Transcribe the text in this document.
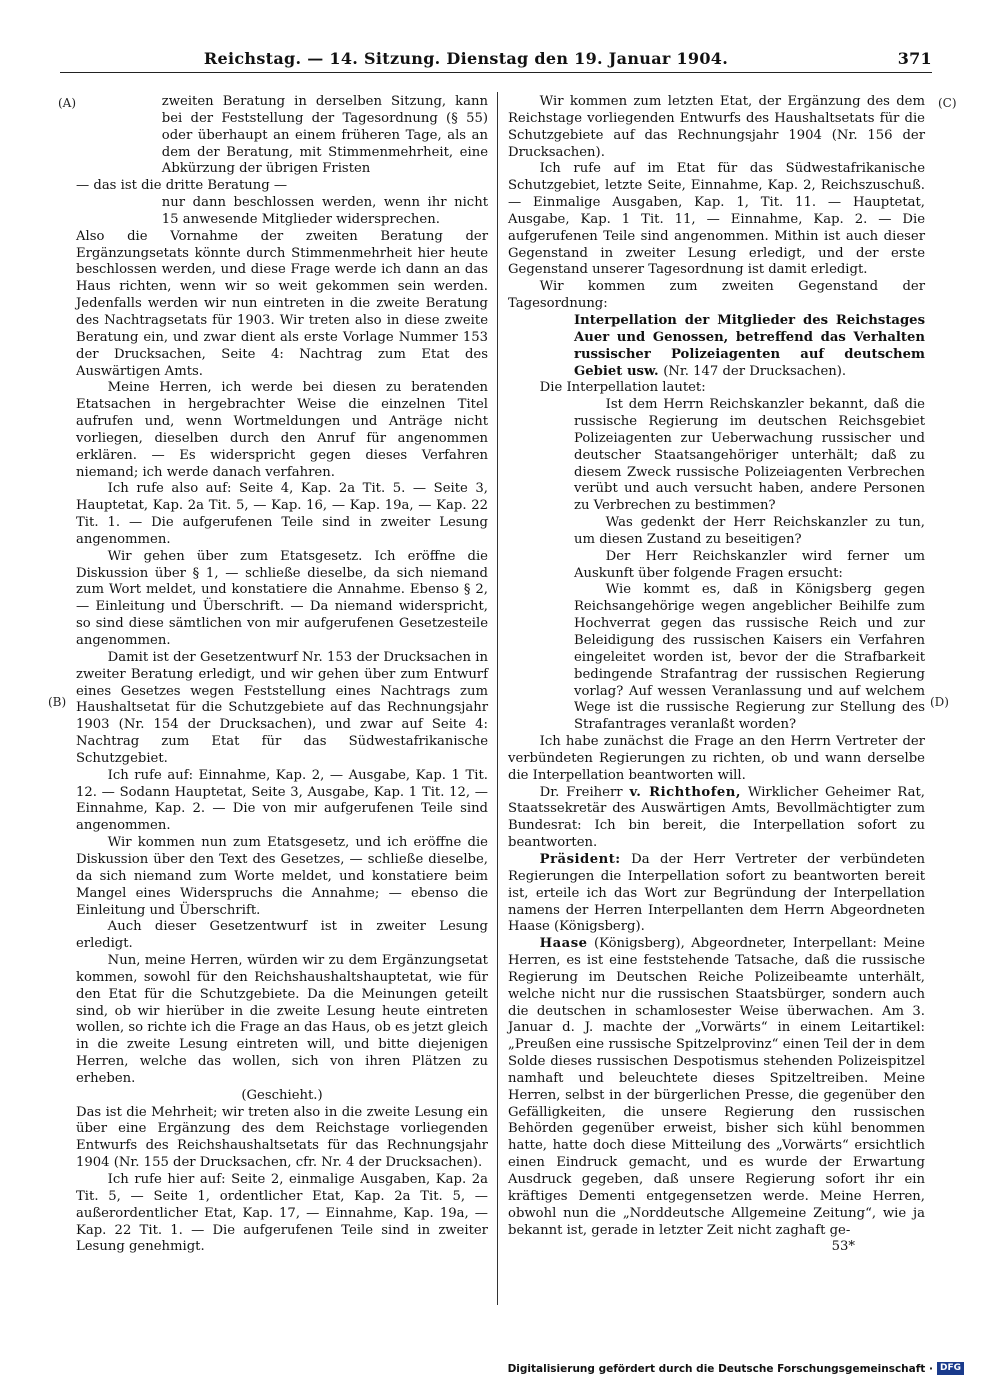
Reichstag. — 14. Sitzung. Dienstag den 19. Januar 1904.	371
(A)
(B)
(C)
(D)

zweiten Beratung in derselben Sitzung, kann bei der Feststellung der Tagesordnung (§ 55) oder überhaupt an einem früheren Tage, als an dem der Beratung, mit Stimmenmehrheit, eine Abkürzung der übrigen Fristen

— das ist die dritte Beratung —

nur dann beschlossen werden, wenn ihr nicht 15 anwesende Mitglieder widersprechen.

Also die Vornahme der zweiten Beratung der Ergänzungsetats könnte durch Stimmenmehrheit hier heute beschlossen werden, und diese Frage werde ich dann an das Haus richten, wenn wir so weit gekommen sein werden. Jedenfalls werden wir nun eintreten in die zweite Beratung des Nachtragsetats für 1903. Wir treten also in diese zweite Beratung ein, und zwar dient als erste Vorlage Nummer 153 der Drucksachen, Seite 4: Nachtrag zum Etat des Auswärtigen Amts.

Meine Herren, ich werde bei diesen zu beratenden Etatsachen in hergebrachter Weise die einzelnen Titel aufrufen und, wenn Wortmeldungen und Anträge nicht vorliegen, dieselben durch den Anruf für angenommen erklären. — Es widerspricht gegen dieses Verfahren niemand; ich werde danach verfahren.

Ich rufe also auf: Seite 4, Kap. 2a Tit. 5. — Seite 3, Hauptetat, Kap. 2a Tit. 5, — Kap. 16, — Kap. 19a, — Kap. 22 Tit. 1. — Die aufgerufenen Teile sind in zweiter Lesung angenommen.

Wir gehen über zum Etatsgesetz. Ich eröffne die Diskussion über § 1, — schließe dieselbe, da sich niemand zum Wort meldet, und konstatiere die Annahme. Ebenso § 2, — Einleitung und Überschrift. — Da niemand widerspricht, so sind diese sämtlichen von mir aufgerufenen Gesetzesteile angenommen.

Damit ist der Gesetzentwurf Nr. 153 der Drucksachen in zweiter Beratung erledigt, und wir gehen über zum Entwurf eines Gesetzes wegen Feststellung eines Nachtrags zum Haushaltsetat für die Schutzgebiete auf das Rechnungsjahr 1903 (Nr. 154 der Drucksachen), und zwar auf Seite 4: Nachtrag zum Etat für das Südwestafrikanische Schutzgebiet.

Ich rufe auf: Einnahme, Kap. 2, — Ausgabe, Kap. 1 Tit. 12. — Sodann Hauptetat, Seite 3, Ausgabe, Kap. 1 Tit. 12, — Einnahme, Kap. 2. — Die von mir aufgerufenen Teile sind angenommen.

Wir kommen nun zum Etatsgesetz, und ich eröffne die Diskussion über den Text des Gesetzes, — schließe dieselbe, da sich niemand zum Worte meldet, und konstatiere beim Mangel eines Widerspruchs die Annahme; — ebenso die Einleitung und Überschrift.

Auch dieser Gesetzentwurf ist in zweiter Lesung erledigt.

Nun, meine Herren, würden wir zu dem Ergänzungsetat kommen, sowohl für den Reichshaushaltshauptetat, wie für den Etat für die Schutzgebiete. Da die Meinungen geteilt sind, ob wir hierüber in die zweite Lesung heute eintreten wollen, so richte ich die Frage an das Haus, ob es jetzt gleich in die zweite Lesung eintreten will, und bitte diejenigen Herren, welche das wollen, sich von ihren Plätzen zu erheben.

(Geschieht.)

Das ist die Mehrheit; wir treten also in die zweite Lesung ein über eine Ergänzung des dem Reichstage vorliegenden Entwurfs des Reichshaushaltsetats für das Rechnungsjahr 1904 (Nr. 155 der Drucksachen, cfr. Nr. 4 der Drucksachen).

Ich rufe hier auf: Seite 2, einmalige Ausgaben, Kap. 2a Tit. 5, — Seite 1, ordentlicher Etat, Kap. 2a Tit. 5, — außerordentlicher Etat, Kap. 17, — Einnahme, Kap. 19a, — Kap. 22 Tit. 1. — Die aufgerufenen Teile sind in zweiter Lesung genehmigt.

Wir kommen zum letzten Etat, der Ergänzung des dem Reichstage vorliegenden Entwurfs des Haushaltsetats für die Schutzgebiete auf das Rechnungsjahr 1904 (Nr. 156 der Drucksachen).

Ich rufe auf im Etat für das Südwestafrikanische Schutzgebiet, letzte Seite, Einnahme, Kap. 2, Reichszuschuß. — Einmalige Ausgaben, Kap. 1, Tit. 11. — Hauptetat, Ausgabe, Kap. 1 Tit. 11, — Einnahme, Kap. 2. — Die aufgerufenen Teile sind angenommen. Mithin ist auch dieser Gegenstand in zweiter Lesung erledigt, und der erste Gegenstand unserer Tagesordnung ist damit erledigt.

Wir kommen zum zweiten Gegenstand der Tagesordnung:

Interpellation der Mitglieder des Reichstages Auer und Genossen, betreffend das Verhalten russischer Polizeiagenten auf deutschem Gebiet usw. (Nr. 147 der Drucksachen).

Die Interpellation lautet:

Ist dem Herrn Reichskanzler bekannt, daß die russische Regierung im deutschen Reichsgebiet Polizeiagenten zur Ueberwachung russischer und deutscher Staatsangehöriger unterhält; daß zu diesem Zweck russische Polizeiagenten Verbrechen verübt und auch versucht haben, andere Personen zu Verbrechen zu bestimmen?

Was gedenkt der Herr Reichskanzler zu tun, um diesen Zustand zu beseitigen?

Der Herr Reichskanzler wird ferner um Auskunft über folgende Fragen ersucht:

Wie kommt es, daß in Königsberg gegen Reichsangehörige wegen angeblicher Beihilfe zum Hochverrat gegen das russische Reich und zur Beleidigung des russischen Kaisers ein Verfahren eingeleitet worden ist, bevor der die Strafbarkeit bedingende Strafantrag der russischen Regierung vorlag? Auf wessen Veranlassung und auf welchem Wege ist die russische Regierung zur Stellung des Strafantrages veranlaßt worden?

Ich habe zunächst die Frage an den Herrn Vertreter der verbündeten Regierungen zu richten, ob und wann derselbe die Interpellation beantworten will.

Dr. Freiherr v. Richthofen, Wirklicher Geheimer Rat, Staatssekretär des Auswärtigen Amts, Bevollmächtigter zum Bundesrat: Ich bin bereit, die Interpellation sofort zu beantworten.

Präsident: Da der Herr Vertreter der verbündeten Regierungen die Interpellation sofort zu beantworten bereit ist, erteile ich das Wort zur Begründung der Interpellation namens der Herren Interpellanten dem Herrn Abgeordneten Haase (Königsberg).

Haase (Königsberg), Abgeordneter, Interpellant: Meine Herren, es ist eine feststehende Tatsache, daß die russische Regierung im Deutschen Reiche Polizeibeamte unterhält, welche nicht nur die russischen Staatsbürger, sondern auch die deutschen in schamlosester Weise überwachen. Am 3. Januar d. J. machte der „Vorwärts“ in einem Leitartikel: „Preußen eine russische Spitzelprovinz“ einen Teil der in dem Solde dieses russischen Despotismus stehenden Polizeispitzel namhaft und beleuchtete dieses Spitzeltreiben. Meine Herren, selbst in der bürgerlichen Presse, die gegenüber den Gefälligkeiten, die unsere Regierung den russischen Behörden gegenüber erweist, bisher sich kühl benommen hatte, hatte doch diese Mitteilung des „Vorwärts“ ersichtlich einen Eindruck gemacht, und es wurde der Erwartung Ausdruck gegeben, daß unsere Regierung sofort ihr ein kräftiges Dementi entgegensetzen werde. Meine Herren, obwohl nun die „Norddeutsche Allgemeine Zeitung“, wie ja bekannt ist, gerade in letzter Zeit nicht zaghaft ge-

53*

Digitalisierung gefördert durch die Deutsche Forschungsgemeinschaft · DFG
